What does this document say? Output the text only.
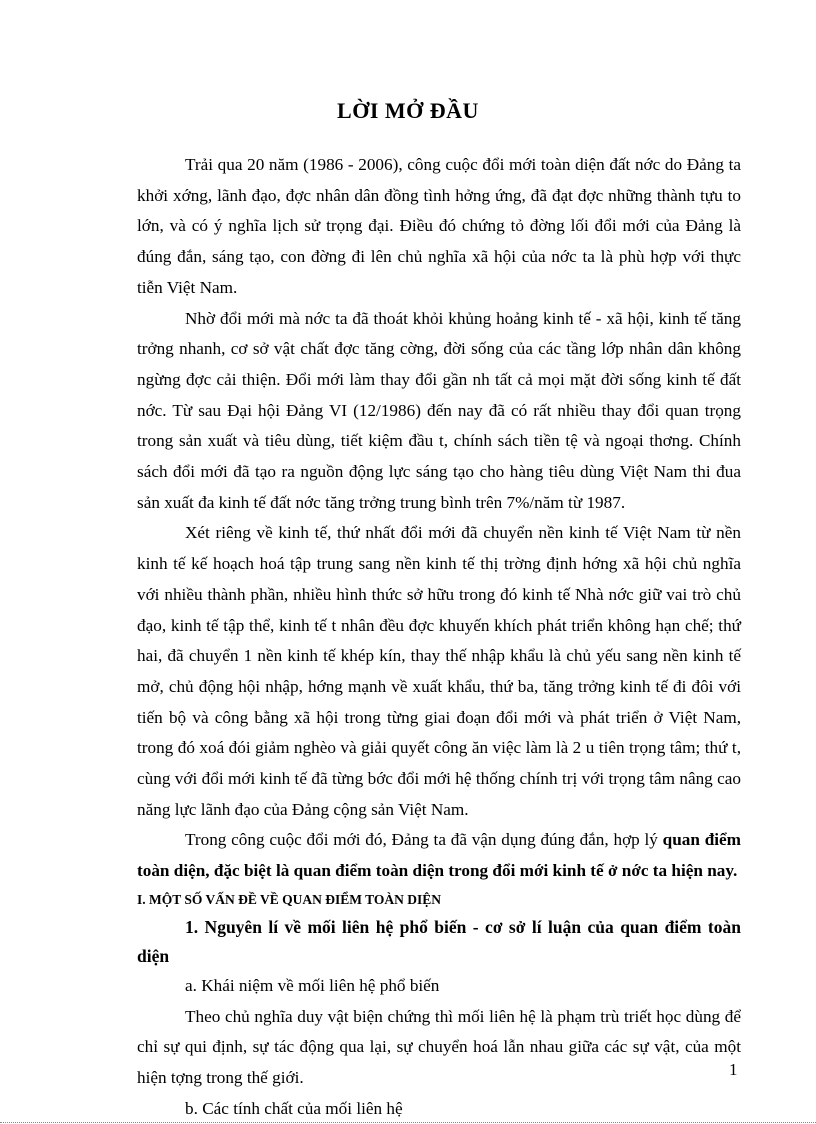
LỜI MỞ ĐẦU

Trải qua 20 năm (1986 - 2006), công cuộc đổi mới toàn diện đất nớc do Đảng ta khởi xớng, lãnh đạo, đợc nhân dân đồng tình hởng ứng, đã đạt đợc những thành tựu to lớn, và có ý nghĩa lịch sử trọng đại. Điều đó chứng tỏ đờng lối đổi mới của Đảng là đúng đắn, sáng tạo, con đờng đi lên chủ nghĩa xã hội của nớc ta là phù hợp với thực tiễn Việt Nam.

Nhờ đổi mới mà nớc ta đã thoát khỏi khủng hoảng kinh tế - xã hội, kinh tế tăng trởng nhanh, cơ sở vật chất đợc tăng cờng, đời sống của các tầng lớp nhân dân không ngừng đợc cải thiện. Đổi mới làm thay đổi gần nh tất cả mọi mặt đời sống kinh tế đất nớc. Từ sau Đại hội Đảng VI (12/1986) đến nay đã có rất nhiều thay đổi quan trọng trong sản xuất và tiêu dùng, tiết kiệm đầu t, chính sách tiền tệ và ngoại thơng. Chính sách đổi mới đã tạo ra nguồn động lực sáng tạo cho hàng tiêu dùng Việt Nam thi đua sản xuất đa kinh tế đất nớc tăng trởng trung bình trên 7%/năm từ 1987.

Xét riêng về kinh tế, thứ nhất đổi mới đã chuyển nền kinh tế Việt Nam từ nền kinh tế kế hoạch hoá tập trung sang nền kinh tế thị trờng định hớng xã hội chủ nghĩa với nhiều thành phần, nhiều hình thức sở hữu trong đó kinh tế Nhà nớc giữ vai trò chủ đạo, kinh tế tập thể, kinh tế t nhân đều đợc khuyến khích phát triển không hạn chế; thứ hai, đã chuyển 1 nền kinh tế khép kín, thay thế nhập khẩu là chủ yếu sang nền kinh tế mở, chủ động hội nhập, hớng mạnh về xuất khẩu, thứ ba, tăng trởng kinh tế đi đôi với tiến bộ và công bằng xã hội trong từng giai đoạn đổi mới và phát triển ở Việt Nam, trong đó xoá đói giảm nghèo và giải quyết công ăn việc làm là 2 u tiên trọng tâm; thứ t, cùng với đổi mới kinh tế đã từng bớc đổi mới hệ thống chính trị với trọng tâm nâng cao năng lực lãnh đạo của Đảng cộng sản Việt Nam.

Trong công cuộc đổi mới đó, Đảng ta đã vận dụng đúng đắn, hợp lý quan điểm toàn diện, đặc biệt là quan điểm toàn diện trong đổi mới kinh tế ở nớc ta hiện nay.

I. MỘT SỐ VẤN ĐỀ VỀ QUAN ĐIỂM TOÀN DIỆN

1. Nguyên lí về mối liên hệ phổ biến - cơ sở lí luận của quan điểm toàn diện

a. Khái niệm về mối liên hệ phổ biến

Theo chủ nghĩa duy vật biện chứng thì mối liên hệ là phạm trù triết học dùng để chỉ sự qui định, sự tác động qua lại, sự chuyển hoá lẫn nhau giữa các sự vật, của một hiện tợng trong thế giới.

b. Các tính chất của mối liên hệ

1
